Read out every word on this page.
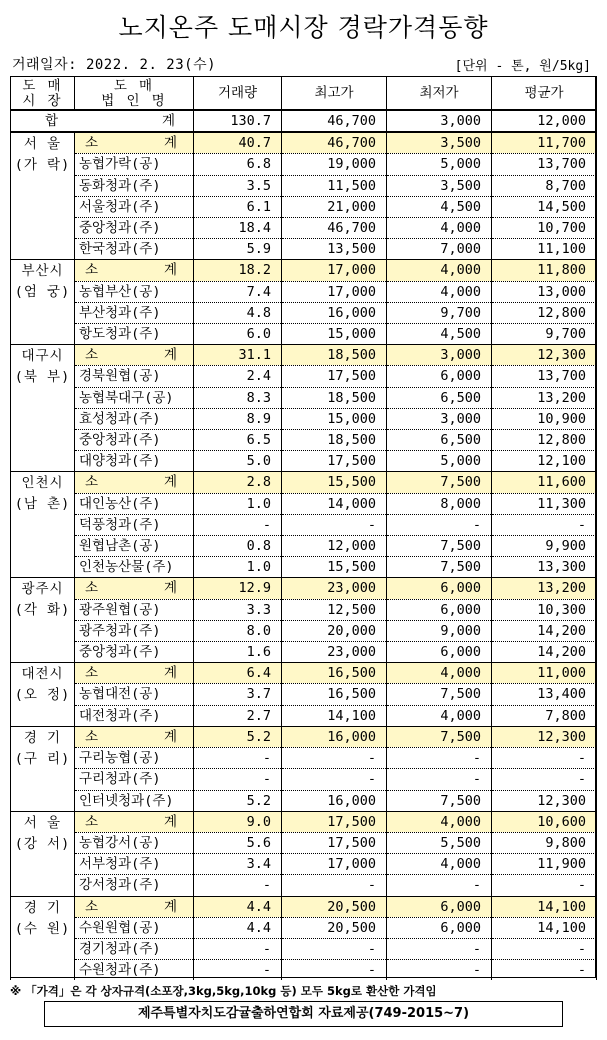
노지온주 도매시장 경락가격동향
거래일자: 2022. 2. 23(수)	[단위 - 톤, 원/5kg]
도 매
시 장	도 매
법 인 명	거래량	최고가	최저가	평균가

합 계		130.7	46,700	3,000	12,000
서 울
(가 락)	소 계	40.7	46,700	3,500	11,700
	농협가락(공)	6.8	19,000	5,000	13,700
	동화청과(주)	3.5	11,500	3,500	8,700
	서울청과(주)	6.1	21,000	4,500	14,500
	중앙청과(주)	18.4	46,700	4,000	10,700
	한국청과(주)	5.9	13,500	7,000	11,100
부산시
(엄 궁)	소 계	18.2	17,000	4,000	11,800
	농협부산(공)	7.4	17,000	4,000	13,000
	부산청과(주)	4.8	16,000	9,700	12,800
	항도청과(주)	6.0	15,000	4,500	9,700
대구시
(북 부)	소 계	31.1	18,500	3,000	12,300
	경북원협(공)	2.4	17,500	6,000	13,700
	농협북대구(공)	8.3	18,500	6,500	13,200
	효성청과(주)	8.9	15,000	3,000	10,900
	중앙청과(주)	6.5	18,500	6,500	12,800
	대양청과(주)	5.0	17,500	5,000	12,100
인천시
(남 촌)	소 계	2.8	15,500	7,500	11,600
	대인농산(주)	1.0	14,000	8,000	11,300
	덕풍청과(주)	-	-	-	-
	원협남촌(공)	0.8	12,000	7,500	9,900
	인천농산물(주)	1.0	15,500	7,500	13,300
광주시
(각 화)	소 계	12.9	23,000	6,000	13,200
	광주원협(공)	3.3	12,500	6,000	10,300
	광주청과(주)	8.0	20,000	9,000	14,200
	중앙청과(주)	1.6	23,000	6,000	14,200
대전시
(오 정)	소 계	6.4	16,500	4,000	11,000
	농협대전(공)	3.7	16,500	7,500	13,400
	대전청과(주)	2.7	14,100	4,000	7,800
경 기
(구 리)	소 계	5.2	16,000	7,500	12,300
	구리농협(공)	-	-	-	-
	구리청과(주)	-	-	-	-
	인터넷청과(주)	5.2	16,000	7,500	12,300
서 울
(강 서)	소 계	9.0	17,500	4,000	10,600
	농협강서(공)	5.6	17,500	5,500	9,800
	서부청과(주)	3.4	17,000	4,000	11,900
	강서청과(주)	-	-	-	-
경 기
(수 원)	소 계	4.4	20,500	6,000	14,100
	수원원협(공)	4.4	20,500	6,000	14,100
	경기청과(주)	-	-	-	-
	수원청과(주)	-	-	-	-
※ 「가격」은 각 상자규격(소포장,3kg,5kg,10kg 등) 모두 5kg로 환산한 가격임
제주특별자치도감귤출하연합회 자료제공(749-2015~7)
